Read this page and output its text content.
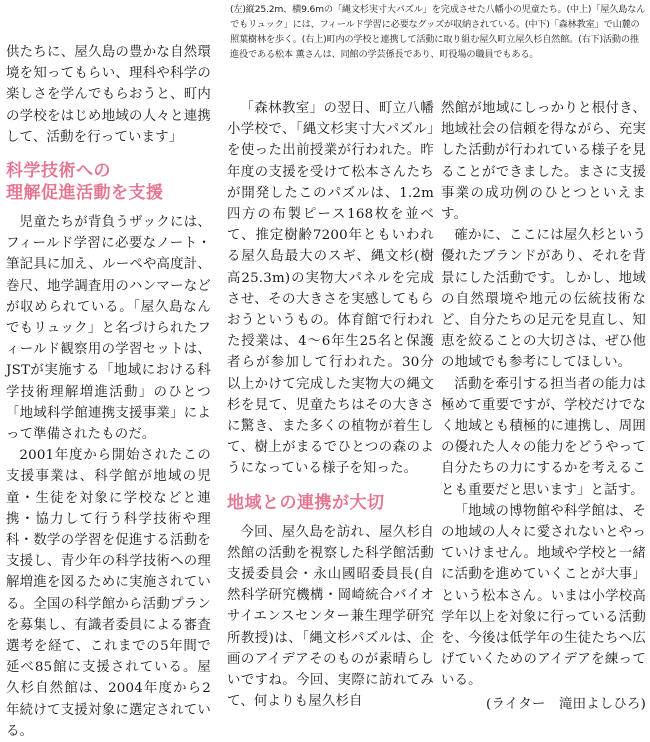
(左)縦25.2m、横9.6mの「縄文杉実寸大パズル」を完成させた八幡小の児童たち。(中上)「屋久島なんでもリュック」には、フィールド学習に必要なグッズが収納されている。(中下)「森林教室」で山麓の照葉樹林を歩く。(右上)町内の学校と連携して活動に取り組む屋久町立屋久杉自然館。(右下)活動の推進役である松本 薫さんは、同館の学芸係長であり、町役場の職員でもある。

供たちに、屋久島の豊かな自然環境を知ってもらい、理科や科学の楽しさを学んでもらおうと、町内の学校をはじめ地域の人々と連携して、活動を行っています」

科学技術への
理解促進活動を支援

児童たちが背負うザックには、フィールド学習に必要なノート・筆記具に加え、ルーペや高度計、巻尺、地学調査用のハンマーなどが収められている。「屋久島なんでもリュック」と名づけられたフィールド観察用の学習セットは、JSTが実施する「地域における科学技術理解増進活動」のひとつ「地域科学館連携支援事業」によって準備されたものだ。

2001年度から開始されたこの支援事業は、科学館が地域の児童・生徒を対象に学校などと連携・協力して行う科学技術や理科・数学の学習を促進する活動を支援し、青少年の科学技術への理解増進を図るために実施されている。全国の科学館から活動プランを募集し、有識者委員による審査選考を経て、これまでの5年間で延べ85館に支援されている。屋久杉自然館は、2004年度から2年続けて支援対象に選定されている。

「森林教室」の翌日、町立八幡小学校で、「縄文杉実寸大パズル」を使った出前授業が行われた。昨年度の支援を受けて松本さんたちが開発したこのパズルは、1.2m四方の布製ピース168枚を並べて、推定樹齢7200年ともいわれる屋久島最大のスギ、縄文杉(樹高25.3m)の実物大パネルを完成させ、その大きさを実感してもらおうというもの。体育館で行われた授業は、4〜6年生25名と保護者らが参加して行われた。30分以上かけて完成した実物大の縄文杉を見て、児童たちはその大きさに驚き、また多くの植物が着生して、樹上がまるでひとつの森のようになっている様子を知った。

地域との連携が大切

今回、屋久島を訪れ、屋久杉自然館の活動を視察した科学館活動支援委員会・永山國昭委員長(自然科学研究機構・岡崎統合バイオサイエンスセンター兼生理学研究所教授)は、「縄文杉パズルは、企画のアイデアそのものが素晴らしいですね。今回、実際に訪れてみて、何よりも屋久杉自

然館が地域にしっかりと根付き、地域社会の信頼を得ながら、充実した活動が行われている様子を見ることができました。まさに支援事業の成功例のひとつといえます。

確かに、ここには屋久杉という優れたブランドがあり、それを背景にした活動です。しかし、地域の自然環境や地元の伝統技術など、自分たちの足元を見直し、知恵を絞ることの大切さは、ぜひ他の地域でも参考にしてほしい。

活動を牽引する担当者の能力は極めて重要ですが、学校だけでなく地域とも積極的に連携し、周囲の優れた人々の能力をどうやって自分たちの力にするかを考えることも重要だと思います」と話す。

「地域の博物館や科学館は、その地域の人々に愛されないとやっていけません。地域や学校と一緒に活動を進めていくことが大事」という松本さん。いまは小学校高学年以上を対象に行っている活動を、今後は低学年の生徒たちへ広げていくためのアイデアを練っている。

(ライター　滝田よしひろ)
